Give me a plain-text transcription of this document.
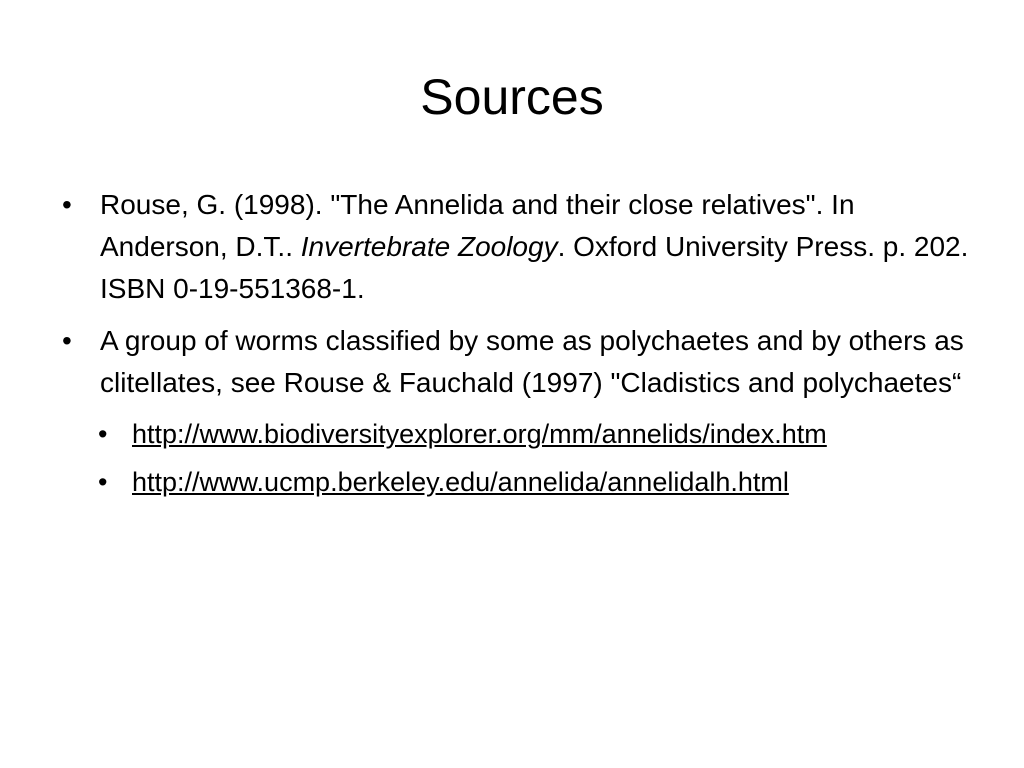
Sources
• Rouse, G. (1998). "The Annelida and their close relatives". In Anderson, D.T.. Invertebrate Zoology. Oxford University Press. p. 202. ISBN 0-19-551368-1.
• A group of worms classified by some as polychaetes and by others as clitellates, see Rouse & Fauchald (1997) "Cladistics and polychaetes“
• http://www.biodiversityexplorer.org/mm/annelids/index.htm
• http://www.ucmp.berkeley.edu/annelida/annelidalh.html
